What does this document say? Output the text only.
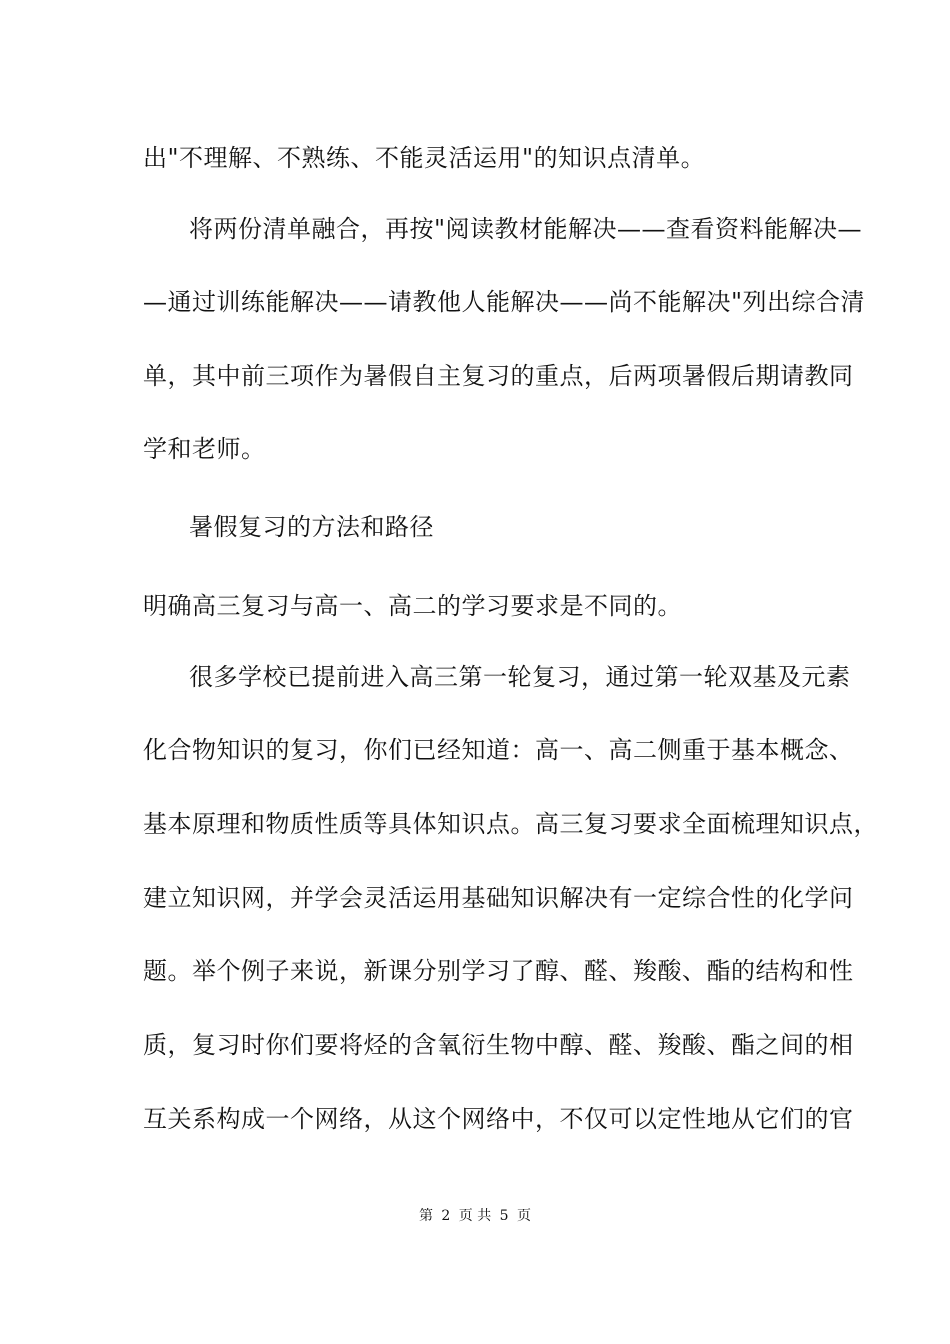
出"不理解、不熟练、不能灵活运用"的知识点清单。
将两份清单融合，再按"阅读教材能解决——查看资料能解决—
—通过训练能解决——请教他人能解决——尚不能解决"列出综合清
单，其中前三项作为暑假自主复习的重点，后两项暑假后期请教同
学和老师。
暑假复习的方法和路径
明确高三复习与高一、高二的学习要求是不同的。
很多学校已提前进入高三第一轮复习，通过第一轮双基及元素
化合物知识的复习，你们已经知道：高一、高二侧重于基本概念、
基本原理和物质性质等具体知识点。高三复习要求全面梳理知识点，
建立知识网，并学会灵活运用基础知识解决有一定综合性的化学问
题。举个例子来说，新课分别学习了醇、醛、羧酸、酯的结构和性
质，复习时你们要将烃的含氧衍生物中醇、醛、羧酸、酯之间的相
互关系构成一个网络，从这个网络中，不仅可以定性地从它们的官
第 2 页 共 5 页
